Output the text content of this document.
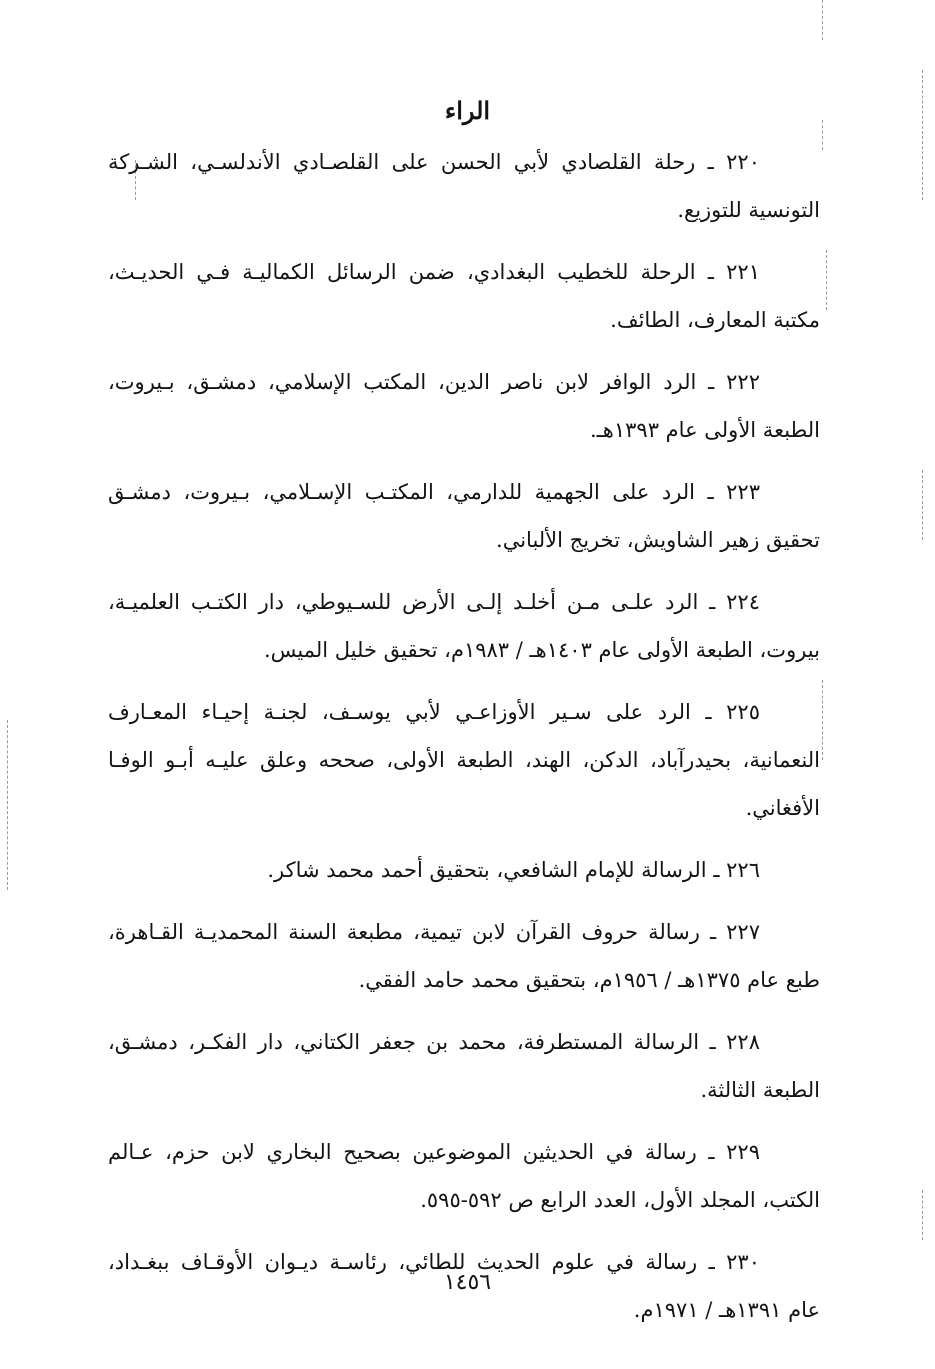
الراء
٢٢٠ ـ رحلة القلصادي لأبي الحسن على القلصـادي الأندلسـي، الشـركة
التونسية للتوزيع.
٢٢١ ـ الرحلة للخطيب البغدادي، ضمن الرسائل الكماليـة فـي الحديـث،
مكتبة المعارف، الطائف.
٢٢٢ ـ الرد الوافر لابن ناصر الدين، المكتب الإسلامي، دمشـق، بـيروت،
الطبعة الأولى عام ١٣٩٣هـ.
٢٢٣ ـ الرد على الجهمية للدارمي، المكتـب الإسـلامي، بـيروت، دمشـق
تحقيق زهير الشاويش، تخريج الألباني.
٢٢٤ ـ الرد علـى مـن أخلـد إلـى الأرض للسـيوطي، دار الكتـب العلميـة،
بيروت، الطبعة الأولى عام ١٤٠٣هـ / ١٩٨٣م، تحقيق خليل الميس.
٢٢٥ ـ الرد على سـير الأوزاعـي لأبي يوسـف، لجنـة إحيـاء المعـارف
النعمانية، بحيدرآباد، الدكن، الهند، الطبعة الأولى، صححه وعلق عليـه أبـو الوفـا
الأفغاني.
٢٢٦ ـ الرسالة للإمام الشافعي، بتحقيق أحمد محمد شاكر.
٢٢٧ ـ رسالة حروف القرآن لابن تيمية، مطبعة السنة المحمديـة القـاهرة،
طبع عام ١٣٧٥هـ / ١٩٥٦م، بتحقيق محمد حامد الفقي.
٢٢٨ ـ الرسالة المستطرفة، محمد بن جعفر الكتاني، دار الفكـر، دمشـق،
الطبعة الثالثة.
٢٢٩ ـ رسالة في الحديثين الموضوعين بصحيح البخاري لابن حزم، عـالم
الكتب، المجلد الأول، العدد الرابع ص ٥٩٢-٥٩٥.
٢٣٠ ـ رسالة في علوم الحديث للطائي، رئاسـة ديـوان الأوقـاف ببغـداد،
عام ١٣٩١هـ / ١٩٧١م.
١٤٥٦
